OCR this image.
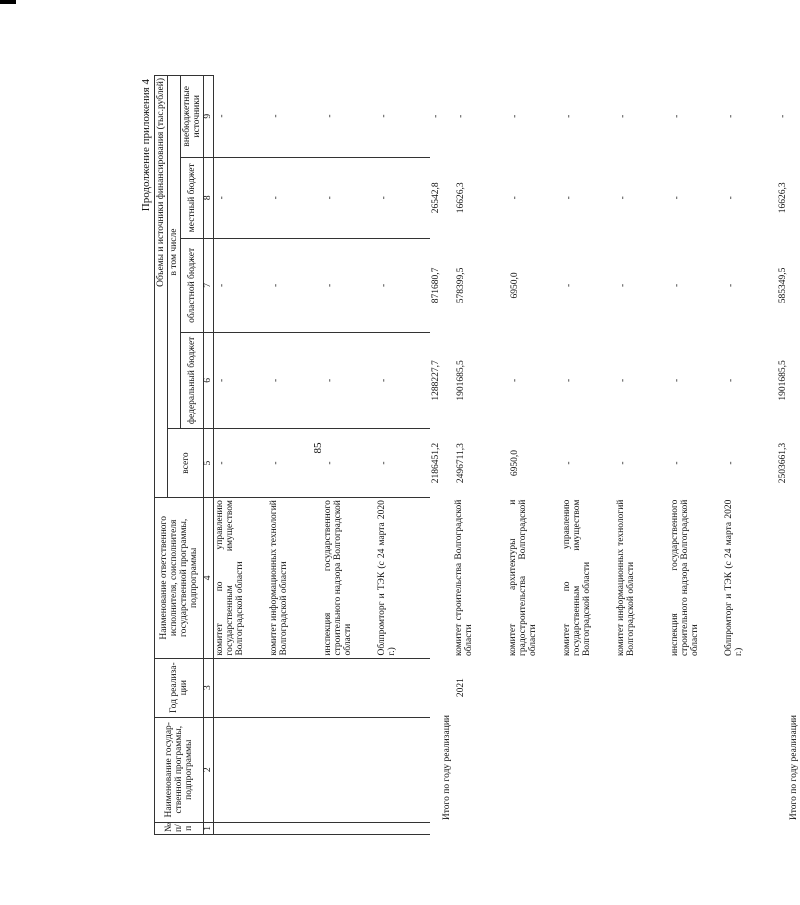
85
Продолжение приложения 4
№ п/п	Наименование государ-ственной программы, подпрограммы	Год реализа-ции	Наименование ответственного исполнителя, соисполнителя государственной программы, подпрограммы	Объемы и источники финансирования (тыс.рублей)				
				всего	в том числе			
					федеральный бюджет	областной бюджет	местный бюджет	внебюджетные источники
1	2	3	4	5	6	7	8	9
			комитет по управлению государственным имуществом Волгоградской области	-	-	-	-	-
			комитет информационных технологий Волгоградской области	-	-	-	-	-
			инспекция государственного строительного надзора Волгоградской области	-	-	-	-	-
			Облпромторг и ТЭК (с 24 марта 2020 г.)	-	-	-	-	-
	Итого по году реализации			2186451,2	1288227,7	871680,7	26542,8	-
		2021	комитет строительства Волгоградской области	2496711,3	1901685,5	578399,5	16626,3	-
			комитет архитектуры и градостроительства Волгоградской области	6950,0	-	6950,0	-	-
			комитет по управлению государственным имуществом Волгоградской области	-	-	-	-	-
			комитет информационных технологий Волгоградской области	-	-	-	-	-
			инспекция государственного строительного надзора Волгоградской области	-	-	-	-	-
			Облпромторг и ТЭК (с 24 марта 2020 г.)	-	-	-	-	-
	Итого по году реализации			2503661,3	1901685,5	585349,5	16626,3	-
